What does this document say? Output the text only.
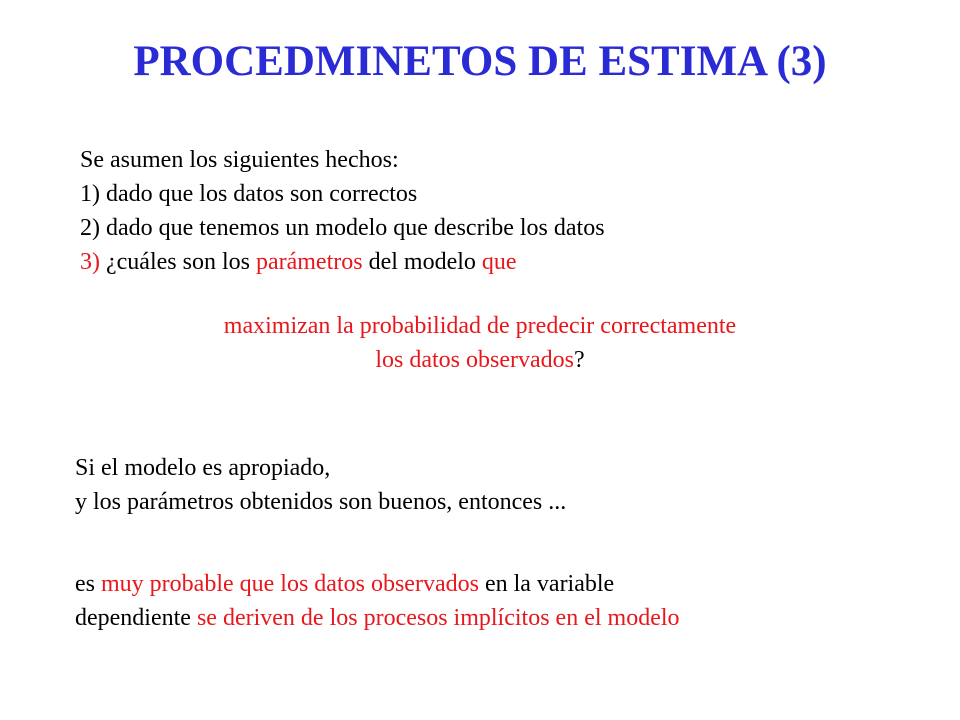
PROCEDMINETOS DE ESTIMA (3)
Se asumen los siguientes hechos:
1) dado que los datos son correctos
2) dado que tenemos un modelo que describe los datos
3) ¿cuáles son los parámetros del modelo que
maximizan la probabilidad de predecir correctamente
los datos observados?
Si el modelo es apropiado,
y los parámetros obtenidos son buenos, entonces ...
es muy probable que los datos observados en la variable
dependiente se deriven de los procesos implícitos en el modelo
